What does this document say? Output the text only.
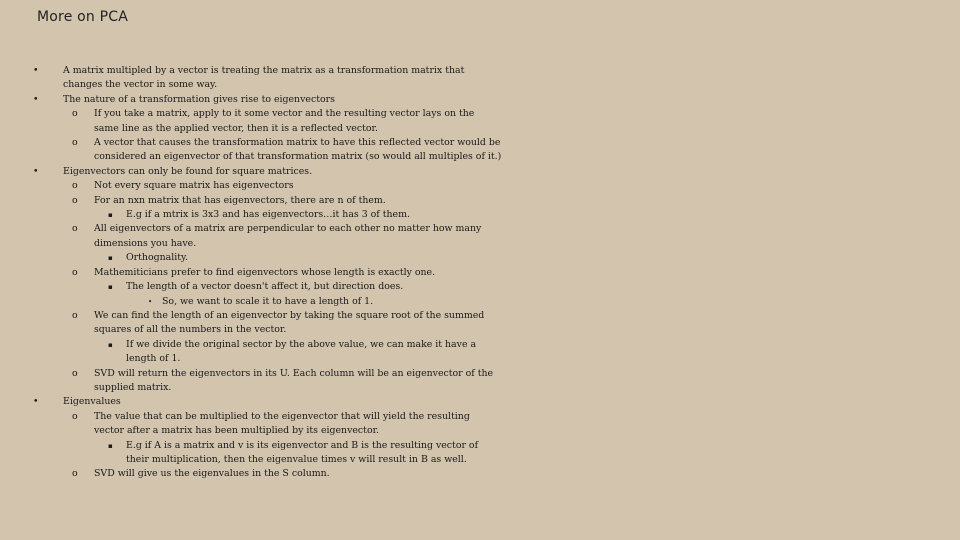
More on PCA
•	A matrix multipled by a vector is treating the matrix as a transformation matrix that changes the vector in some way.
•	The nature of a transformation gives rise to eigenvectors
o If you take a matrix, apply to it some vector and the resulting vector lays on the same line as the applied vector, then it is a reflected vector.
o A vector that causes the transformation matrix to have this reflected vector would be considered an eigenvector of that transformation matrix (so would all multiples of it.)
•	Eigenvectors can only be found for square matrices.
o Not every square matrix has eigenvectors
o For an nxn matrix that has eigenvectors, there are n of them.
▪ E.g if a mtrix is 3x3 and has eigenvectors…it has 3 of them.
o All eigenvectors of a matrix are perpendicular to each other no matter how many dimensions you have.
▪ Orthognality.
o Mathemiticians prefer to find eigenvectors whose length is exactly one.
▪ The length of a vector doesn't affect it, but direction does.
• So, we want to scale it to have a length of 1.
o We can find the length of an eigenvector by taking the square root of the summed squares of all the numbers in the vector.
▪ If we divide the original sector by the above value, we can make it have a length of 1.
o SVD will return the eigenvectors in its U. Each column will be an eigenvector of the supplied matrix.
•	Eigenvalues
o The value that can be multiplied to the eigenvector that will yield the resulting vector after a matrix has been multiplied by its eigenvector.
▪ E.g if A is a matrix and v is its eigenvector and B is the resulting vector of their multiplication, then the eigenvalue times v will result in B as well.
o SVD will give us the eigenvalues in the S column.
